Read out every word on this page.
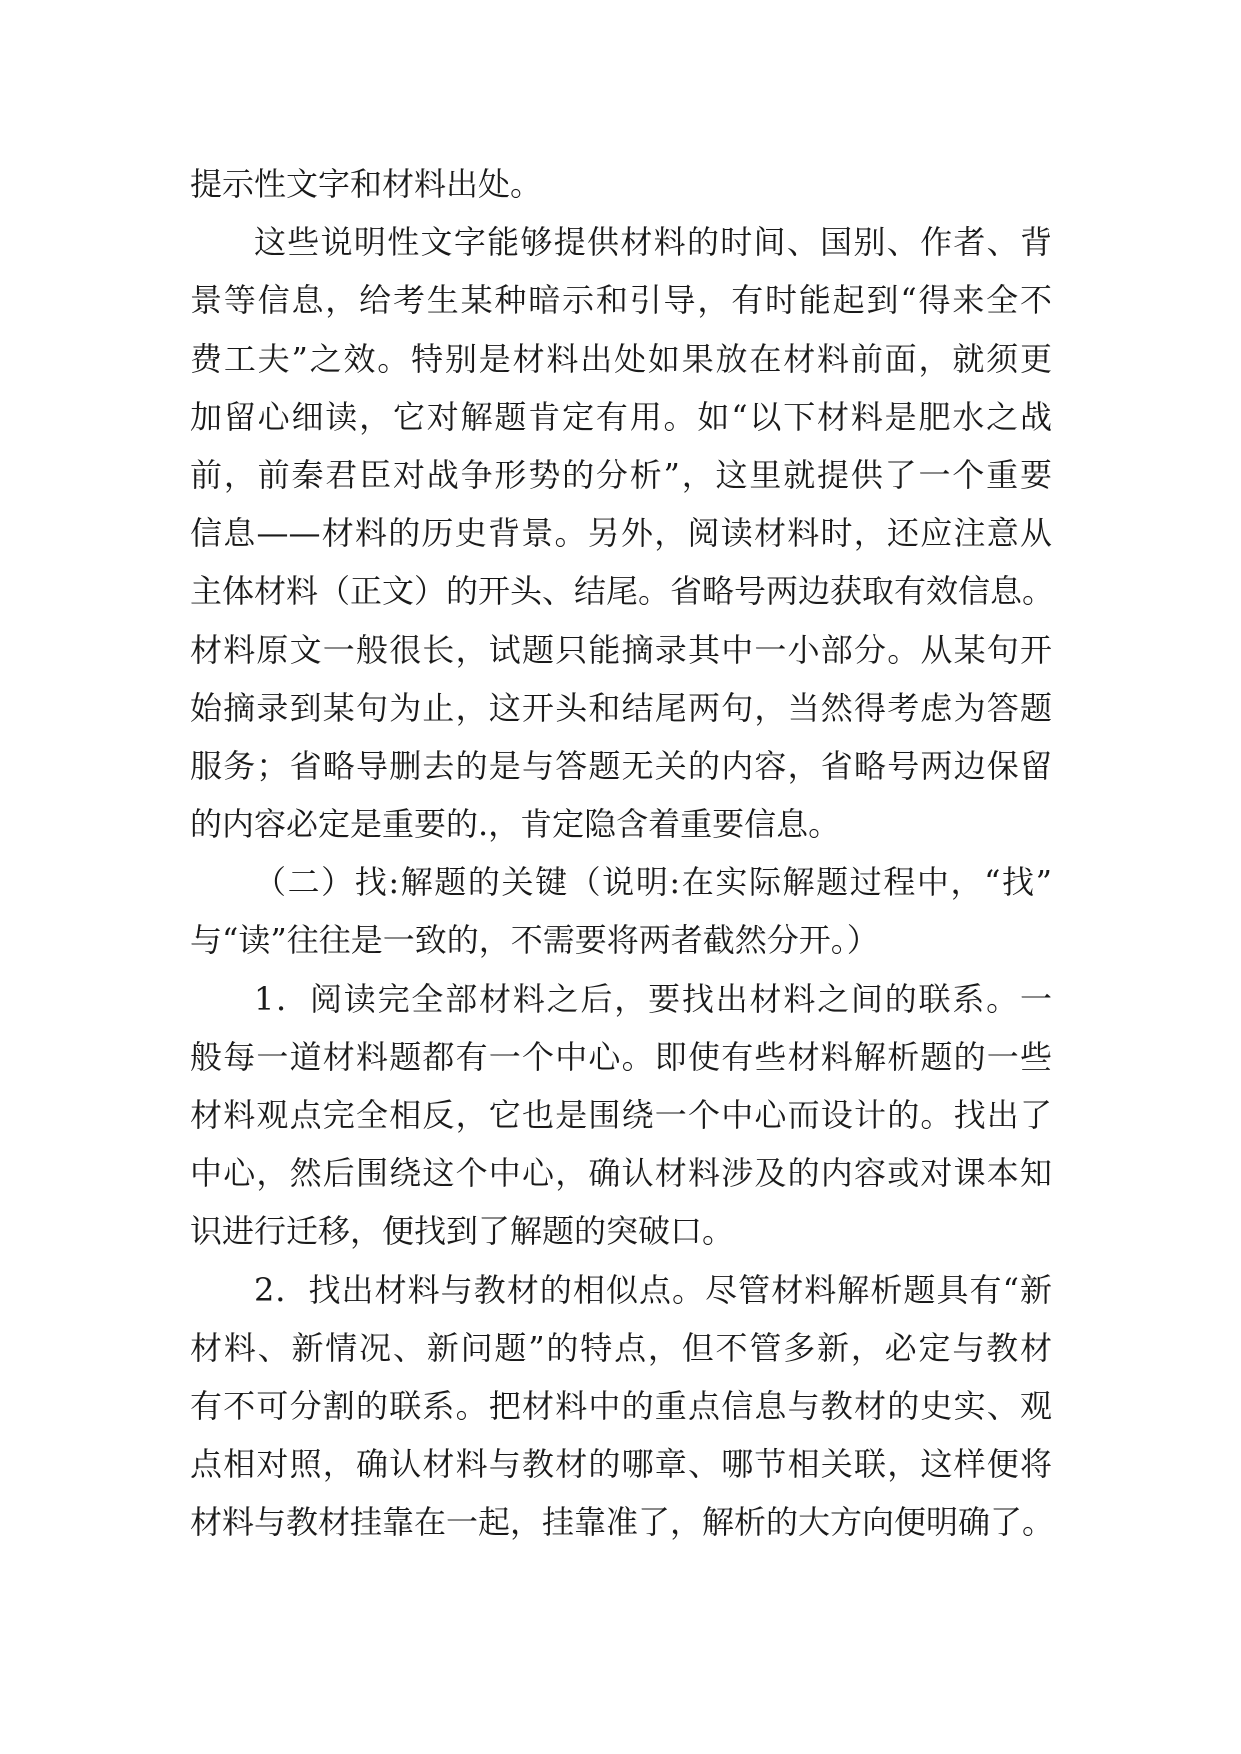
提示性文字和材料出处。
这些说明性文字能够提供材料的时间、国别、作者、背
景等信息，给考生某种暗示和引导，有时能起到“得来全不
费工夫”之效。特别是材料出处如果放在材料前面，就须更
加留心细读，它对解题肯定有用。如“以下材料是肥水之战
前，前秦君臣对战争形势的分析”，这里就提供了一个重要
信息——材料的历史背景。另外，阅读材料时，还应注意从
主体材料（正文）的开头、结尾。省略号两边获取有效信息。
材料原文一般很长，试题只能摘录其中一小部分。从某句开
始摘录到某句为止，这开头和结尾两句，当然得考虑为答题
服务；省略导删去的是与答题无关的内容，省略号两边保留
的内容必定是重要的.，肯定隐含着重要信息。
（二）找:解题的关键（说明:在实际解题过程中，“找”
与“读”往往是一致的，不需要将两者截然分开。）
1．阅读完全部材料之后，要找出材料之间的联系。一
般每一道材料题都有一个中心。即使有些材料解析题的一些
材料观点完全相反，它也是围绕一个中心而设计的。找出了
中心，然后围绕这个中心，确认材料涉及的内容或对课本知
识进行迁移，便找到了解题的突破口。
2．找出材料与教材的相似点。尽管材料解析题具有“新
材料、新情况、新问题”的特点，但不管多新，必定与教材
有不可分割的联系。把材料中的重点信息与教材的史实、观
点相对照，确认材料与教材的哪章、哪节相关联，这样便将
材料与教材挂靠在一起，挂靠准了，解析的大方向便明确了。
